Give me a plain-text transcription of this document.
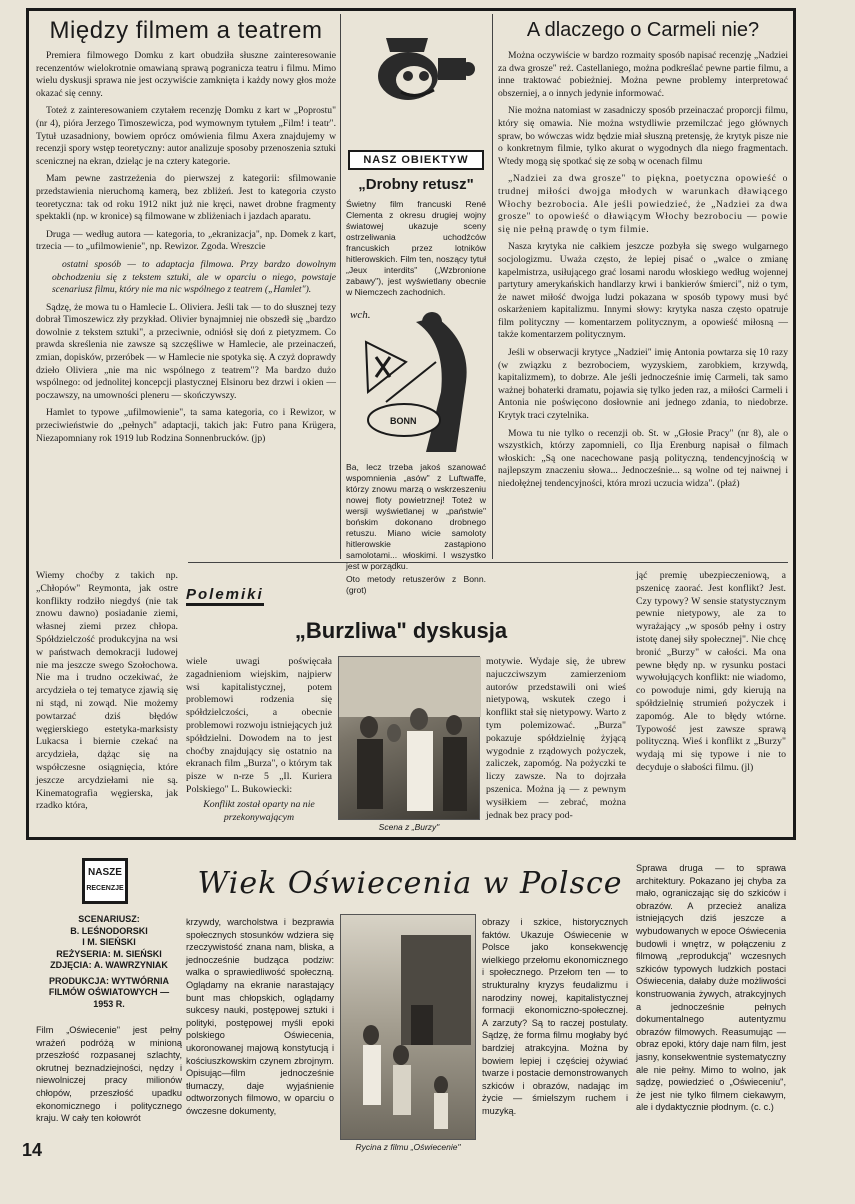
Między filmem a teatrem

Premiera filmowego Domku z kart obudziła słuszne zainteresowanie recenzentów wielokrotnie omawianą sprawą pogranicza teatru i filmu. Mimo wielu dyskusji sprawa nie jest oczywiście zamknięta i każdy nowy głos może okazać się cenny.

Toteż z zainteresowaniem czytałem recenzję Domku z kart w „Poprostu" (nr 4), pióra Jerzego Timoszewicza, pod wymownym tytułem „Film! i teatr". Tytuł uzasadniony, bowiem oprócz omówienia filmu Axera znajdujemy w recenzji spory wstęp teoretyczny: autor analizuje sposoby przenoszenia sztuki scenicznej na ekran, dzieląc je na cztery kategorie.

Mam pewne zastrzeżenia do pierwszej z kategorii: sfilmowanie przedstawienia nieruchomą kamerą, bez zbliżeń. Jest to kategoria czysto teoretyczna: tak od roku 1912 nikt już nie kręci, nawet drobne fragmenty spektakli (np. w kronice) są filmowane w zbliżeniach i jazdach aparatu.

Druga — według autora — kategoria, to „ekranizacja", np. Domek z kart, trzecia — to „ufilmowienie", np. Rewizor. Zgoda. Wreszcie

ostatni sposób — to adaptacja filmowa. Przy bardzo dowolnym obchodzeniu się z tekstem sztuki, ale w oparciu o niego, powstaje scenariusz filmu, który nie ma nic wspólnego z teatrem („Hamlet").

Sądzę, że mowa tu o Hamlecie L. Oliviera. Jeśli tak — to do słusznej tezy dobrał Timoszewicz zły przykład. Olivier bynajmniej nie obszedł się „bardzo dowolnie z tekstem sztuki", a przeciwnie, odniósł się doń z pietyzmem. Co prawda skreślenia nie zawsze są szczęśliwe w Hamlecie, ale przeinaczeń, zmian, dopisków, przeróbek — w Hamlecie nie spotyka się. A czyż doprawdy dzieło Oliviera „nie ma nic wspólnego z teatrem"? Ma bardzo dużo wspólnego: od jednolitej koncepcji plastycznej Elsinoru bez drzwi i okien — poczawszy, na umowności pleneru — skończywszy.

Hamlet to typowe „ufilmowienie", ta sama kategoria, co i Rewizor, w przeciwieństwie do „pełnych" adaptacji, takich jak: Futro pana Krügera, Niezapomniany rok 1919 lub Rodzina Sonnenbrucków. (jp)

NASZ OBIEKTYW
„Drobny retusz"
Świetny film francuski René Clementa z okresu drugiej wojny światowej ukazuje sceny ostrzeliwania uchodźców francuskich przez lotników hitlerowskich. Film ten, noszący tytuł „Jeux interdits" („Wzbronione zabawy"), jest wyświetlany obecnie w Niemczech zachodnich.
wch.
BONN
Ba, lecz trzeba jakoś szanować wspomnienia „asów" z Luftwaffe, którzy znowu marzą o wskrzeszeniu nowej floty powietrznej! Toteż w wersji wyświetlanej w „państwie" bońskim dokonano drobnego retuszu. Miano wicie samoloty hitlerowskie zastąpiono samolotami... włoskimi. I wszystko jest w porządku.
Oto metody retuszerów z Bonn. (grot)
A dlaczego o Carmeli nie?

Można oczywiście w bardzo rozmaity sposób napisać recenzję „Nadziei za dwa grosze" reż. Castellaniego, można podkreślać pewne partie filmu, a inne traktować pobieżniej. Można pewne problemy interpretować obszerniej, a o innych jedynie informować.

Nie można natomiast w zasadniczy sposób przeinaczać proporcji filmu, który się omawia. Nie można wstydliwie przemilczać jego głównych spraw, bo wówczas widz będzie miał słuszną pretensję, że krytyk pisze nie o konkretnym filmie, tylko akurat o wygodnych dla niego fragmentach. Wtedy mogą się spotkać się ze sobą w ocenach filmu

„Nadziei za dwa grosze" to piękna, poetyczna opowieść o trudnej miłości dwojga młodych w warunkach dławiącego Włochy bezrobocia. Ale jeśli powiedzieć, że „Nadziei za dwa grosze" to opowieść o dławiącym Włochy bezrobociu — powie się nie pełną prawdę o tym filmie.

Nasza krytyka nie całkiem jeszcze pozbyła się swego wulgarnego socjologizmu. Uważa często, że lepiej pisać o „walce o zmianę kapelmistrza, usiłującego grać losami narodu włoskiego według wojennej partytury amerykańskich handlarzy krwi i bankierów śmierci", niż o tym, że nawet miłość dwojga ludzi pokazana w sposób typowy musi być oskarżeniem kapitalizmu. Innymi słowy: krytyka nasza często opatruje film polityczny — komentarzem politycznym, a opowieść miłosną — także komentarzem politycznym.

Jeśli w obserwacji krytyce „Nadziei" imię Antonia powtarza się 10 razy (w związku z bezrobociem, wyzyskiem, zarobkiem, krzywdą, kapitalizmem), to dobrze. Ale jeśli jednocześnie imię Carmeli, tak samo ważnej bohaterki dramatu, pojawia się tylko jeden raz, a miłości Carmeli i Antonia nie poświęcono dosłownie ani jednego zdania, to niedobrze. Krytyk traci czytelnika.

Mowa tu nie tylko o recenzji ob. St. w „Głosie Pracy" (nr 8), ale o wszystkich, którzy zapomnieli, co Ilja Erenburg napisał o filmach włoskich: „Są one nacechowane pasją polityczną, tendencyjnością w najlepszym znaczeniu słowa... Jednocześnie... są wolne od tej naiwnej i niedołężnej tendencyjności, która mrozi uczucia widza". (płaź)

Wiemy choćby z takich np. „Chłopów" Reymonta, jak ostre konflikty rodziło niegdyś (nie tak znowu dawno) posiadanie ziemi, własnej ziemi przez chłopa. Spółdzielczość produkcyjna na wsi w państwach demokracji ludowej nie ma jeszcze swego Szołochowa. Nie ma i trudno oczekiwać, że arcydzieła o tej tematyce zjawią się ni stąd, ni zowąd. Nie możemy powtarzać dziś błędów węgierskiego estetyka-marksisty Lukacsa i biernie czekać na arcydzieła, dążąc się na współczesne osiągnięcia, które jeszcze arcydziełami nie są. Kinematografia węgierska, jak rzadko która,
Polemiki
„Burzliwa" dyskusja
wiele uwagi poświęcała zagadnieniom wiejskim, najpierw wsi kapitalistycznej, potem problemowi rodzenia się spółdzielczości, a obecnie problemowi rozwoju istniejących już spółdzielni. Dowodem na to jest choćby znajdujący się ostatnio na ekranach film „Burza", o którym tak pisze w n-rze 5 „Il. Kuriera Polskiego" L. Bukowiecki:
Konflikt został oparty na nie przekonywającym
Scena z „Burzy"
motywie. Wydaje się, że ubrew najuczciwszym zamierzeniom autorów przedstawili oni wieś nietypową, wskutek czego i konflikt stał się nietypowy. Warto z tym polemizować. „Burza" pokazuje spółdzielnię żyjącą wygodnie z rządowych pożyczek, zaliczek, zapomóg. Na pożyczki te liczy zawsze. Na to dojrzała pszenica. Można ją — z pewnym wysiłkiem — zebrać, można jednak bez pracy pod-
jąć premię ubezpieczeniową, a pszenicę zaorać. Jest konflikt? Jest. Czy typowy? W sensie statystycznym pewnie nietypowy, ale za to wyrażający „w sposób pełny i ostry istotę danej siły społecznej". Nie chcę bronić „Burzy" w całości. Ma ona pewne błędy np. w rysunku postaci wywołujących konflikt: nie wiadomo, co powoduje nimi, gdy kierują na spółdzielnię strumień pożyczek i zapomóg. Ale to błędy wtórne. Typowość jest zawsze sprawą polityczną. Wieś i konflikt z „Burzy" wydają mi się typowe i nie to decyduje o słabości filmu. (jl)
NASZE
RECENZJE Wiek Oświecenia w Polsce
SCENARIUSZ:
B. LEŚNODORSKI
I M. SIEŃSKI
REŻYSERIA: M. SIEŃSKI
ZDJĘCIA: A. WAWRZYNIAK
PRODUKCJA: WYTWÓRNIA
FILMÓW OŚWIATOWYCH —
1953 R.
Film „Oświecenie" jest pełny wrażeń podróżą w minioną przeszłość rozpasanej szlachty, okrutnej beznadziejności, nędzy i niewolniczej pracy milionów chłopów, przeszłość upadku ekonomicznego i politycznego kraju. W cały ten kołowrót
krzywdy, warcholstwa i bezprawia społecznych stosunków wdziera się rzeczywistość znana nam, bliska, a jednocześnie budząca podziw: walka o sprawiedliwość społeczną. Oglądamy na ekranie narastający bunt mas chłopskich, oglądamy sukcesy nauki, postępowej sztuki i polityki, postępowej myśli epoki polskiego Oświecenia, ukoronowanej majową konstytucją i kościuszkowskim czynem zbrojnym. Opisując—film jednocześnie tłumaczy, daje wyjaśnienie odtworzonych filmowo, w oparciu o ówczesne dokumenty,
Rycina z filmu „Oświecenie"
obrazy i szkice, historycznych faktów. Ukazuje Oświecenie w Polsce jako konsekwencję wielkiego przełomu ekonomicznego i społecznego. Przełom ten — to strukturalny kryzys feudalizmu i narodziny nowej, kapitalistycznej formacji ekonomiczno-społecznej. A zarzuty? Są to raczej postulaty. Sądzę, że forma filmu mogłaby być bardziej atrakcyjna. Można by bowiem lepiej i częściej ożywiać twarze i postacie demonstrowanych szkiców i obrazów, nadając im życie — śmielszym ruchem i muzyką.
Sprawa druga — to sprawa architektury. Pokazano jej chyba za mało, ograniczając się do szkiców i obrazów. A przecież analiza istniejących dziś jeszcze a wybudowanych w epoce Oświecenia budowli i wnętrz, w połączeniu z filmową „reprodukcją" wczesnych szkiców typowych ludzkich postaci Oświecenia, dałaby duże możliwości konstruowania żywych, atrakcyjnych a jednocześnie pełnych dokumentalnego autentyzmu obrazów filmowych. Reasumując — obraz epoki, który daje nam film, jest jasny, konsekwentnie systematyczny ale nie pełny. Mimo to wolno, jak sądzę, powiedzieć o „Oświeceniu", że jest nie tylko filmem ciekawym, ale i dydaktycznie płodnym. (c. c.)
14
